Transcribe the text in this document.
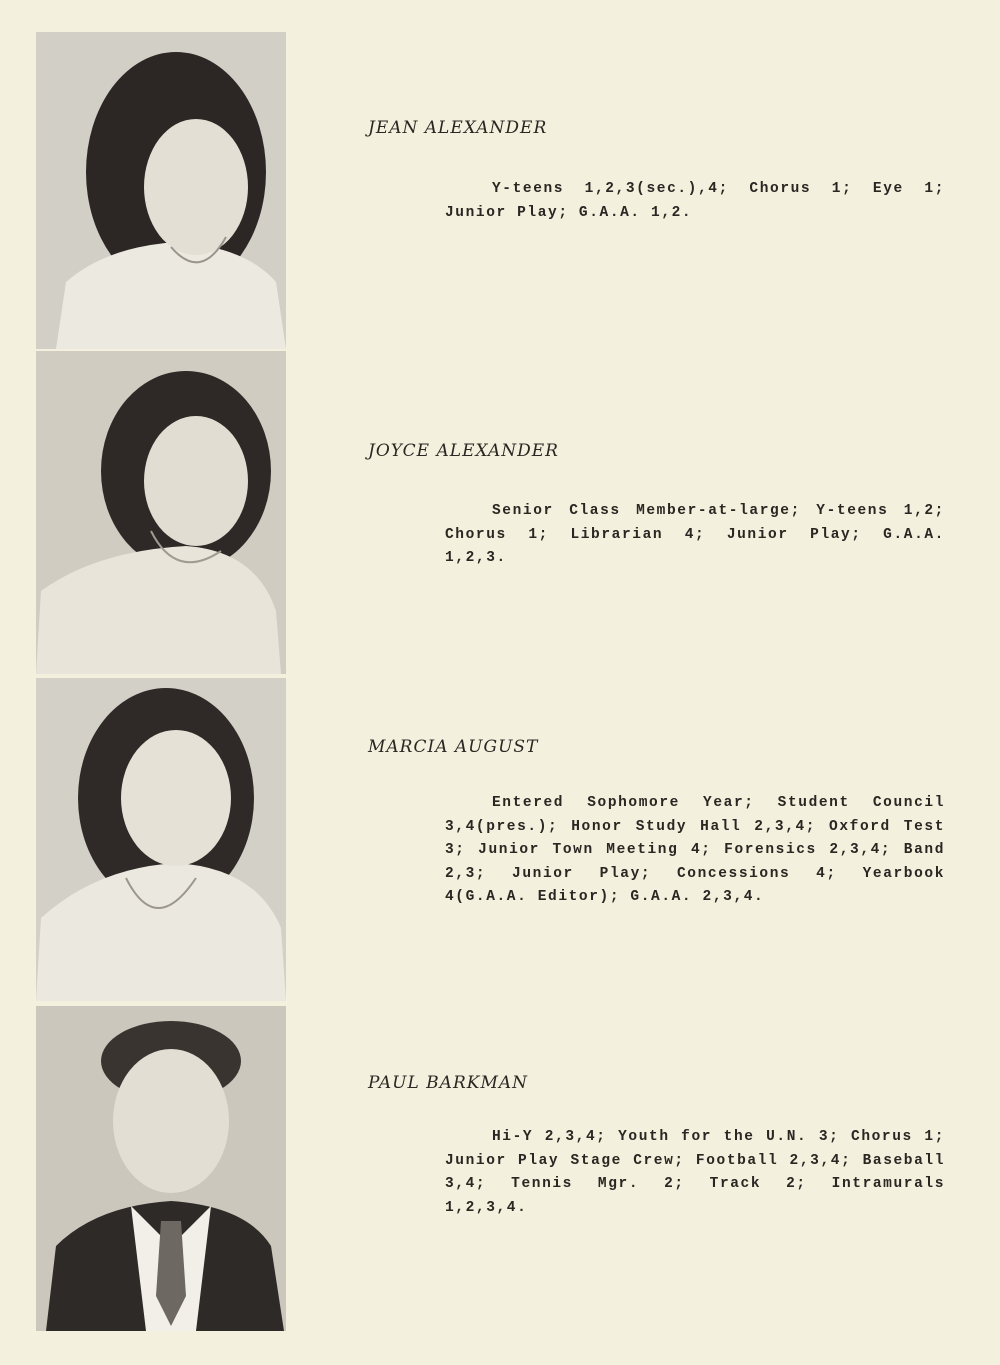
JEAN ALEXANDER
Y-teens 1,2,3(sec.),4; Chorus 1; Eye 1; Junior Play; G.A.A. 1,2.
JOYCE ALEXANDER
Senior Class Member-at-large; Y-teens 1,2; Chorus 1; Librarian 4; Junior Play; G.A.A. 1,2,3.
MARCIA AUGUST
Entered Sophomore Year; Student Council 3,4(pres.); Honor Study Hall 2,3,4; Oxford Test 3; Junior Town Meeting 4; Forensics 2,3,4; Band 2,3; Junior Play; Concessions 4; Yearbook 4(G.A.A. Editor); G.A.A. 2,3,4.
PAUL BARKMAN
Hi-Y 2,3,4; Youth for the U.N. 3; Chorus 1; Junior Play Stage Crew; Football 2,3,4; Baseball 3,4; Tennis Mgr. 2; Track 2; Intramurals 1,2,3,4.
